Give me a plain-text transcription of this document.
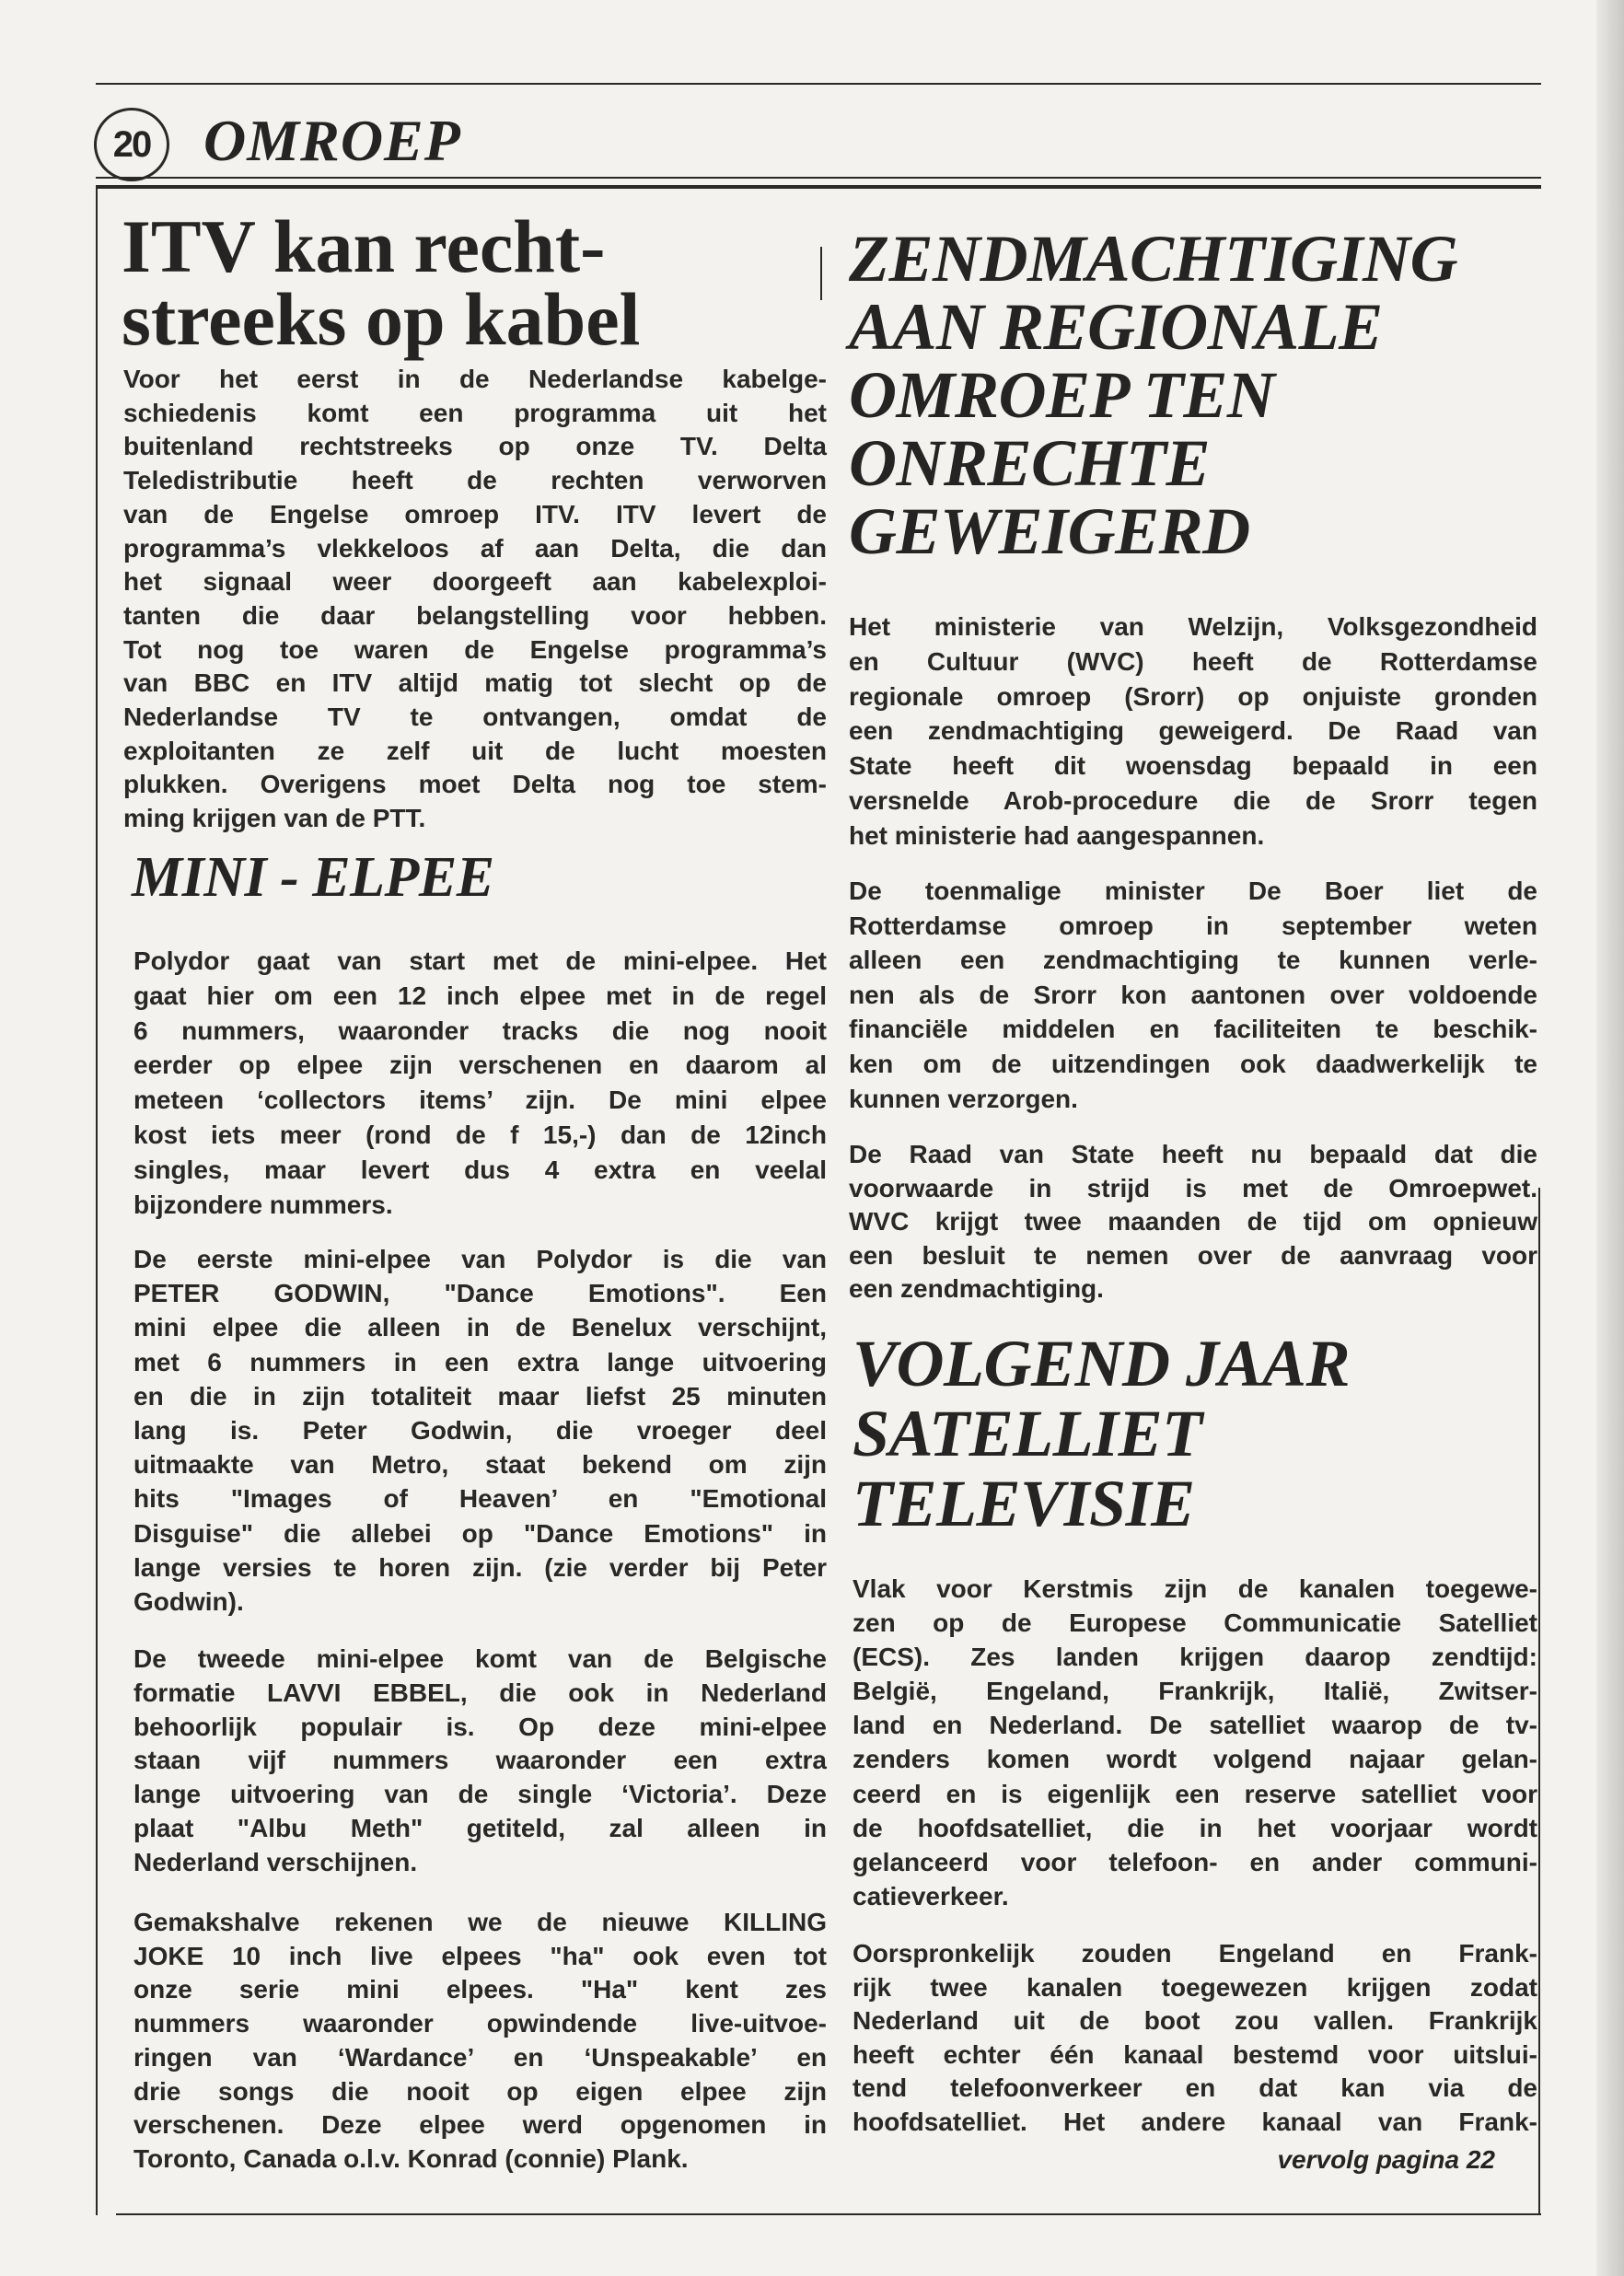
20 OMROEP
ITV kan recht-
streeks op kabel
Voor het eerst in de Nederlandse kabelge-
schiedenis komt een programma uit het
buitenland rechtstreeks op onze TV. Delta
Teledistributie heeft de rechten verworven
van de Engelse omroep ITV. ITV levert de
programma’s vlekkeloos af aan Delta, die dan
het signaal weer doorgeeft aan kabelexploi-
tanten die daar belangstelling voor hebben.
Tot nog toe waren de Engelse programma’s
van BBC en ITV altijd matig tot slecht op de
Nederlandse TV te ontvangen, omdat de
exploitanten ze zelf uit de lucht moesten
plukken. Overigens moet Delta nog toe stem-
ming krijgen van de PTT.
MINI - ELPEE
Polydor gaat van start met de mini-elpee. Het
gaat hier om een 12 inch elpee met in de regel
6 nummers, waaronder tracks die nog nooit
eerder op elpee zijn verschenen en daarom al
meteen ‘collectors items’ zijn. De mini elpee
kost iets meer (rond de f 15,-) dan de 12inch
singles, maar levert dus 4 extra en veelal
bijzondere nummers.
De eerste mini-elpee van Polydor is die van
PETER GODWIN, "Dance Emotions". Een
mini elpee die alleen in de Benelux verschijnt,
met 6 nummers in een extra lange uitvoering
en die in zijn totaliteit maar liefst 25 minuten
lang is. Peter Godwin, die vroeger deel
uitmaakte van Metro, staat bekend om zijn
hits "Images of Heaven’ en "Emotional
Disguise" die allebei op "Dance Emotions" in
lange versies te horen zijn. (zie verder bij Peter
Godwin).
De tweede mini-elpee komt van de Belgische
formatie LAVVI EBBEL, die ook in Nederland
behoorlijk populair is. Op deze mini-elpee
staan vijf nummers waaronder een extra
lange uitvoering van de single ‘Victoria’. Deze
plaat "Albu Meth" getiteld, zal alleen in
Nederland verschijnen.
Gemakshalve rekenen we de nieuwe KILLING
JOKE 10 inch live elpees "ha" ook even tot
onze serie mini elpees. "Ha" kent zes
nummers waaronder opwindende live-uitvoe-
ringen van ‘Wardance’ en ‘Unspeakable’ en
drie songs die nooit op eigen elpee zijn
verschenen. Deze elpee werd opgenomen in
Toronto, Canada o.l.v. Konrad (connie) Plank.
ZENDMACHTIGING
AAN REGIONALE
OMROEP TEN
ONRECHTE
GEWEIGERD
Het ministerie van Welzijn, Volksgezondheid
en Cultuur (WVC) heeft de Rotterdamse
regionale omroep (Srorr) op onjuiste gronden
een zendmachtiging geweigerd. De Raad van
State heeft dit woensdag bepaald in een
versnelde Arob-procedure die de Srorr tegen
het ministerie had aangespannen.
De toenmalige minister De Boer liet de
Rotterdamse omroep in september weten
alleen een zendmachtiging te kunnen verle-
nen als de Srorr kon aantonen over voldoende
financiële middelen en faciliteiten te beschik-
ken om de uitzendingen ook daadwerkelijk te
kunnen verzorgen.
De Raad van State heeft nu bepaald dat die
voorwaarde in strijd is met de Omroepwet.
WVC krijgt twee maanden de tijd om opnieuw
een besluit te nemen over de aanvraag voor
een zendmachtiging.
VOLGEND JAAR
SATELLIET
TELEVISIE
Vlak voor Kerstmis zijn de kanalen toegewe-
zen op de Europese Communicatie Satelliet
(ECS). Zes landen krijgen daarop zendtijd:
België, Engeland, Frankrijk, Italië, Zwitser-
land en Nederland. De satelliet waarop de tv-
zenders komen wordt volgend najaar gelan-
ceerd en is eigenlijk een reserve satelliet voor
de hoofdsatelliet, die in het voorjaar wordt
gelanceerd voor telefoon- en ander communi-
catieverkeer.
Oorspronkelijk zouden Engeland en Frank-
rijk twee kanalen toegewezen krijgen zodat
Nederland uit de boot zou vallen. Frankrijk
heeft echter één kanaal bestemd voor uitslui-
tend telefoonverkeer en dat kan via de
hoofdsatelliet. Het andere kanaal van Frank-
vervolg pagina 22
